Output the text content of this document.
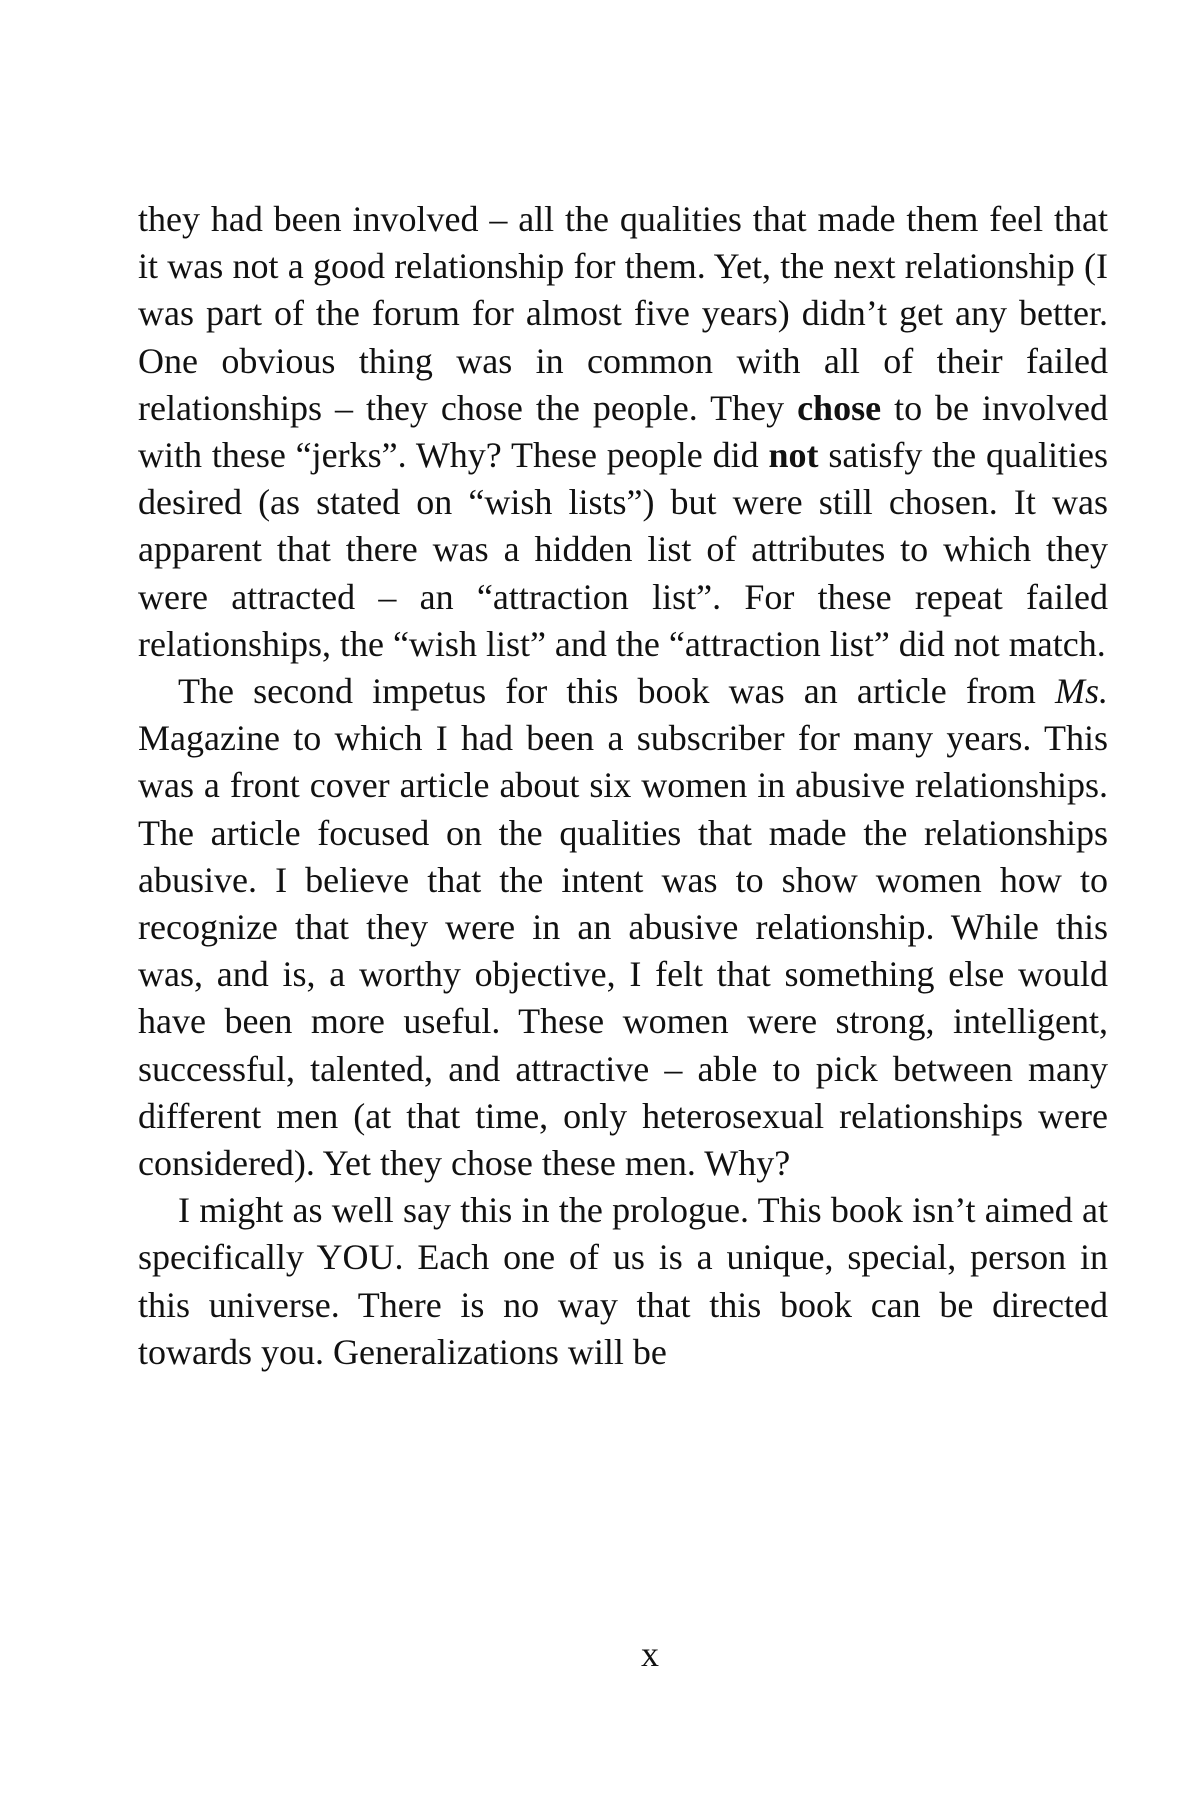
they had been involved – all the qualities that made them feel that it was not a good relationship for them. Yet, the next relationship (I was part of the forum for almost five years) didn’t get any better. One obvious thing was in common with all of their failed relationships – they chose the people. They chose to be involved with these “jerks”. Why? These people did not satisfy the qualities desired (as stated on “wish lists”) but were still chosen. It was apparent that there was a hidden list of attributes to which they were attracted – an “attraction list”. For these repeat failed relationships, the “wish list” and the “attraction list” did not match.

The second impetus for this book was an article from Ms. Magazine to which I had been a subscriber for many years. This was a front cover article about six women in abusive relationships. The article focused on the qualities that made the relationships abusive. I believe that the intent was to show women how to recognize that they were in an abusive relationship. While this was, and is, a worthy objective, I felt that something else would have been more useful. These women were strong, intelligent, successful, talented, and attractive – able to pick between many different men (at that time, only heterosexual relationships were considered). Yet they chose these men. Why?

I might as well say this in the prologue. This book isn’t aimed at specifically YOU. Each one of us is a unique, special, person in this universe. There is no way that this book can be directed towards you. Generalizations will be

x
